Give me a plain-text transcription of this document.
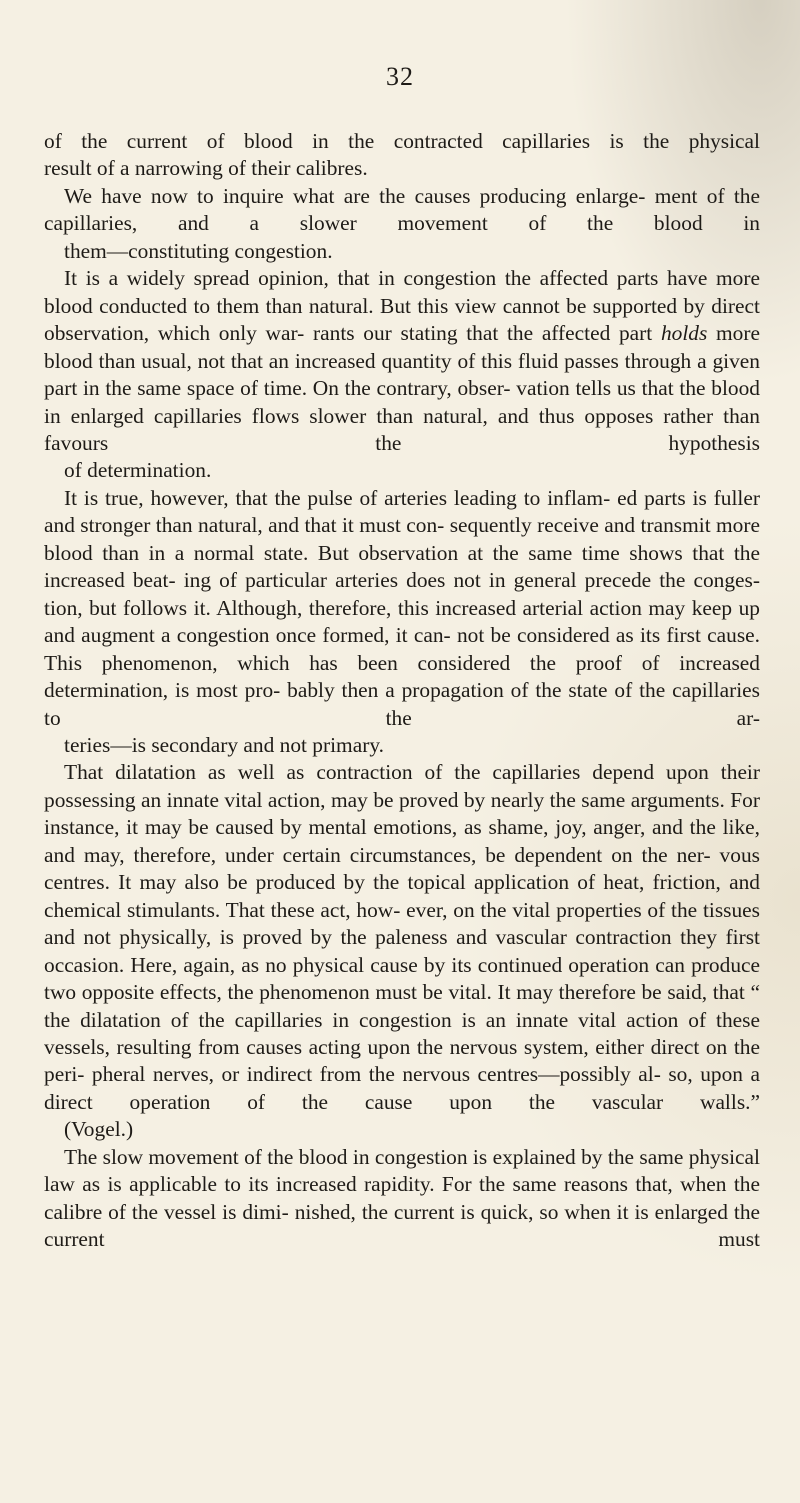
32

of the current of blood in the contracted capillaries is the physical
result of a narrowing of their calibres.

We have now to inquire what are the causes producing enlarge- ment of the capillaries, and a slower movement of the blood in
them—constituting congestion.

It is a widely spread opinion, that in congestion the affected parts have more blood conducted to them than natural. But this view cannot be supported by direct observation, which only war- rants our stating that the affected part holds more blood than usual, not that an increased quantity of this fluid passes through a given part in the same space of time. On the contrary, obser- vation tells us that the blood in enlarged capillaries flows slower than natural, and thus opposes rather than favours the hypothesis
of determination.

It is true, however, that the pulse of arteries leading to inflam- ed parts is fuller and stronger than natural, and that it must con- sequently receive and transmit more blood than in a normal state. But observation at the same time shows that the increased beat- ing of particular arteries does not in general precede the conges- tion, but follows it. Although, therefore, this increased arterial action may keep up and augment a congestion once formed, it can- not be considered as its first cause. This phenomenon, which has been considered the proof of increased determination, is most pro- bably then a propagation of the state of the capillaries to the ar-
teries—is secondary and not primary.

That dilatation as well as contraction of the capillaries depend upon their possessing an innate vital action, may be proved by nearly the same arguments. For instance, it may be caused by mental emotions, as shame, joy, anger, and the like, and may, therefore, under certain circumstances, be dependent on the ner- vous centres. It may also be produced by the topical application of heat, friction, and chemical stimulants. That these act, how- ever, on the vital properties of the tissues and not physically, is proved by the paleness and vascular contraction they first occasion. Here, again, as no physical cause by its continued operation can produce two opposite effects, the phenomenon must be vital. It may therefore be said, that “ the dilatation of the capillaries in congestion is an innate vital action of these vessels, resulting from causes acting upon the nervous system, either direct on the peri- pheral nerves, or indirect from the nervous centres—possibly al- so, upon a direct operation of the cause upon the vascular walls.”
(Vogel.)

The slow movement of the blood in congestion is explained by the same physical law as is applicable to its increased rapidity. For the same reasons that, when the calibre of the vessel is dimi- nished, the current is quick, so when it is enlarged the current must
